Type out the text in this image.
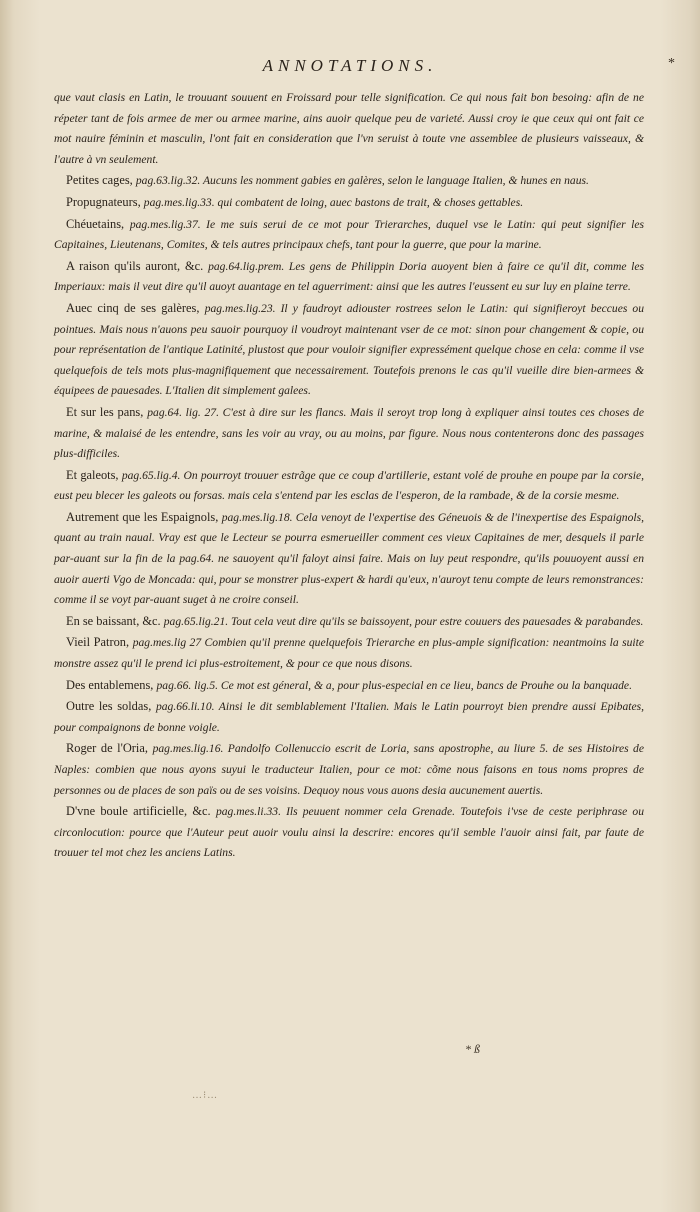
ANNOTATIONS.	*

que vaut clasis en Latin, le trouuant souuent en Froissard pour telle signification. Ce qui nous fait bon besoing: afin de ne répeter tant de fois armee de mer ou armee marine, ains auoir quelque peu de varieté. Aussi croy ie que ceux qui ont fait ce mot nauire féminin et masculin, l'ont fait en consideration que l'vn seruist à toute vne assemblee de plusieurs vaisseaux, & l'autre à vn seulement.

Petites cages, pag.63.lig.32. Aucuns les nomment gabies en galères, selon le language Italien, & hunes en naus.

Propugnateurs, pag.mes.lig.33. qui combatent de loing, auec bastons de trait, & choses gettables.

Chéuetains, pag.mes.lig.37. Ie me suis serui de ce mot pour Trierarches, duquel vse le Latin: qui peut signifier les Capitaines, Lieutenans, Comites, & tels autres principaux chefs, tant pour la guerre, que pour la marine.

A raison qu'ils auront, &c. pag.64.lig.prem. Les gens de Philippin Doria auoyent bien à faire ce qu'il dit, comme les Imperiaux: mais il veut dire qu'il auoyt auantage en tel aguerriment: ainsi que les autres l'eussent eu sur luy en plaine terre.

Auec cinq de ses galères, pag.mes.lig.23. Il y faudroyt adiouster rostrees selon le Latin: qui signifieroyt beccues ou pointues. Mais nous n'auons peu sauoir pourquoy il voudroyt maintenant vser de ce mot: sinon pour changement & copie, ou pour représentation de l'antique Latinité, plustost que pour vouloir signifier expressément quelque chose en cela: comme il vse quelquefois de tels mots plus-magnifiquement que necessairement. Toutefois prenons le cas qu'il vueille dire bien-armees & équipees de pauesades. L'Italien dit simplement galees.

Et sur les pans, pag.64. lig. 27. C'est à dire sur les flancs. Mais il seroyt trop long à expliquer ainsi toutes ces choses de marine, & malaisé de les entendre, sans les voir au vray, ou au moins, par figure. Nous nous contenterons donc des passages plus-difficiles.

Et galeots, pag.65.lig.4. On pourroyt trouuer estrãge que ce coup d'artillerie, estant volé de prouhe en poupe par la corsie, eust peu blecer les galeots ou forsas. mais cela s'entend par les esclas de l'esperon, de la rambade, & de la corsie mesme.

Autrement que les Espaignols, pag.mes.lig.18. Cela venoyt de l'expertise des Géneuois & de l'inexpertise des Espaignols, quant au train naual. Vray est que le Lecteur se pourra esmerueiller comment ces vieux Capitaines de mer, desquels il parle par-auant sur la fin de la pag.64. ne sauoyent qu'il faloyt ainsi faire. Mais on luy peut respondre, qu'ils pouuoyent aussi en auoir auerti Vgo de Moncada: qui, pour se monstrer plus-expert & hardi qu'eux, n'auroyt tenu compte de leurs remonstrances: comme il se voyt par-auant suget à ne croire conseil.

En se baissant, &c. pag.65.lig.21. Tout cela veut dire qu'ils se baissoyent, pour estre couuers des pauesades & parabandes.

Vieil Patron, pag.mes.lig 27 Combien qu'il prenne quelquefois Trierarche en plus-ample signification: neantmoins la suite monstre assez qu'il le prend ici plus-estroitement, & pour ce que nous disons.

Des entablemens, pag.66. lig.5. Ce mot est géneral, & a, pour plus-especial en ce lieu, bancs de Prouhe ou la banquade.

Outre les soldas, pag.66.li.10. Ainsi le dit semblablement l'Italien. Mais le Latin pourroyt bien prendre aussi Epibates, pour compaignons de bonne voigle.

Roger de l'Oria, pag.mes.lig.16. Pandolfo Collenuccio escrit de Loria, sans apostrophe, au liure 5. de ses Histoires de Naples: combien que nous ayons suyui le traducteur Italien, pour ce mot: cõme nous faisons en tous noms propres de personnes ou de places de son païs ou de ses voisins. Dequoy nous vous auons desia aucunement auertis.

D'vne boule artificielle, &c. pag.mes.li.33. Ils peuuent nommer cela Grenade. Toutefois i'vse de ceste periphrase ou circonlocution: pource que l'Auteur peut auoir voulu ainsi la descrire: encores qu'il semble l'auoir ainsi fait, par faute de trouuer tel mot chez les anciens Latins.

* ß
…⁝…
